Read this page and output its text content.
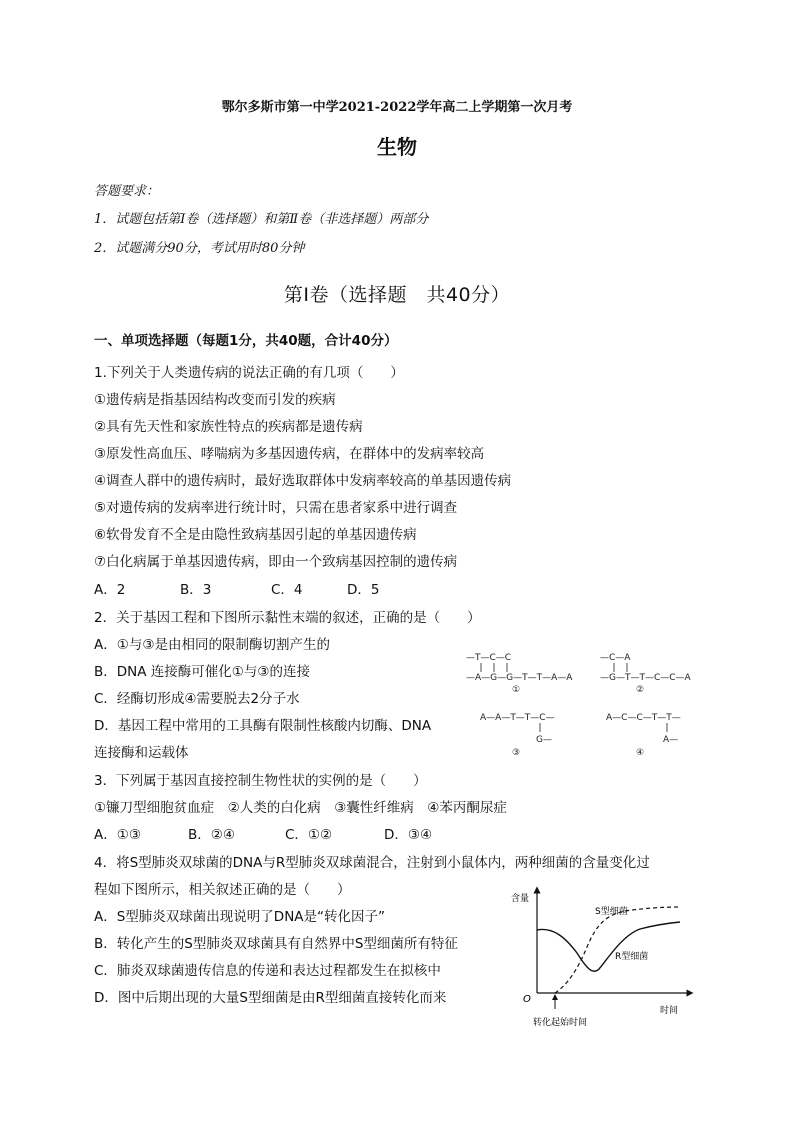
鄂尔多斯市第一中学2021-2022学年高二上学期第一次月考
生物
答题要求：
1．试题包括第Ⅰ卷（选择题）和第Ⅱ卷（非选择题）两部分
2．试题满分90分，考试用时80分钟
第Ⅰ卷（选择题　共40分）
一、单项选择题（每题1分，共40题，合计40分）
1.下列关于人类遗传病的说法正确的有几项（　　）
①遗传病是指基因结构改变而引发的疾病
②具有先天性和家族性特点的疾病都是遗传病
③原发性高血压、哮喘病为多基因遗传病，在群体中的发病率较高
④调查人群中的遗传病时，最好选取群体中发病率较高的单基因遗传病
⑤对遗传病的发病率进行统计时，只需在患者家系中进行调查
⑥软骨发育不全是由隐性致病基因引起的单基因遗传病
⑦白化病属于单基因遗传病，即由一个致病基因控制的遗传病
A．2	B．3	C．4	D．5
2．关于基因工程和下图所示黏性末端的叙述，正确的是（　　）
A．①与③是由相同的限制酶切割产生的
B．DNA 连接酶可催化①与③的连接
C．经酶切形成④需要脱去2分子水
D．基因工程中常用的工具酶有限制性核酸内切酶、DNA
连接酶和运载体
—T—C—C
—A—G—G—T—T—A—A
①
—C—A
—G—T—T—C—C—A
②
A—A—T—T—C—
G—
③
A—C—C—T—T—
A—
④
3．下列属于基因直接控制生物性状的实例的是（　　）
①镰刀型细胞贫血症　②人类的白化病　③囊性纤维病　④苯丙酮尿症
A．①③	B．②④	C．①②	D．③④
4．将S型肺炎双球菌的DNA与R型肺炎双球菌混合，注射到小鼠体内，两种细菌的含量变化过
程如下图所示，相关叙述正确的是（　　）
A．S型肺炎双球菌出现说明了DNA是“转化因子”
B．转化产生的S型肺炎双球菌具有自然界中S型细菌所有特征
C．肺炎双球菌遗传信息的传递和表达过程都发生在拟核中
D．图中后期出现的大量S型细菌是由R型细菌直接转化而来
含量
O
时间
S型细菌
R型细菌
转化起始时间
